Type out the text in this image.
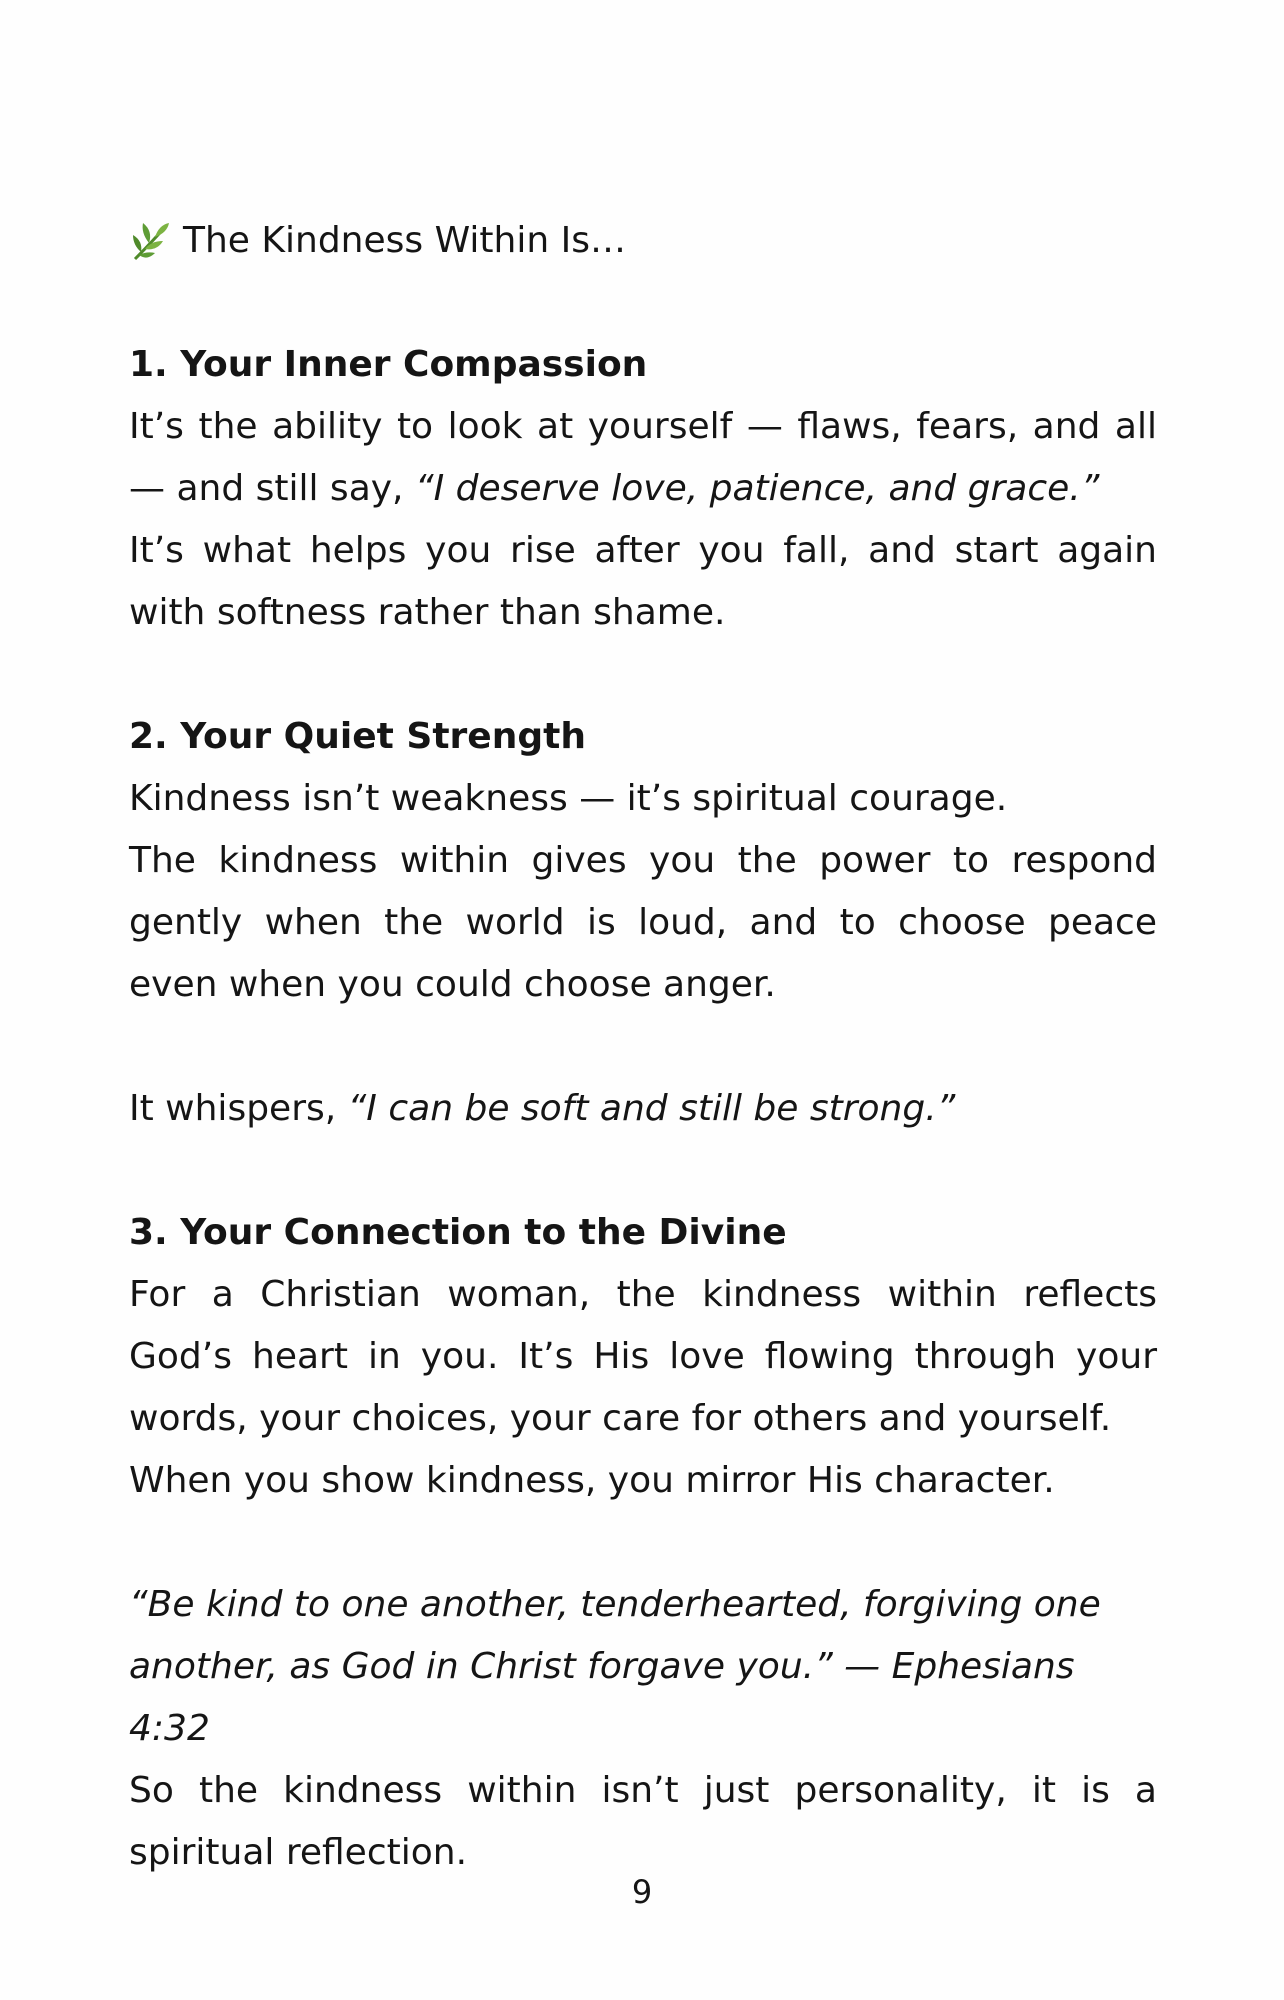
The Kindness Within Is…
1. Your Inner Compassion

It’s the ability to look at yourself — flaws, fears, and all — and still say, “I deserve love, patience, and grace.”

It’s what helps you rise after you fall, and start again with softness rather than shame.

2. Your Quiet Strength

Kindness isn’t weakness — it’s spiritual courage.

The kindness within gives you the power to respond gently when the world is loud, and to choose peace even when you could choose anger.

It whispers, “I can be soft and still be strong.”

3. Your Connection to the Divine

For a Christian woman, the kindness within reflects God’s heart in you. It’s His love flowing through your words, your choices, your care for others and yourself.

When you show kindness, you mirror His character.

“Be kind to one another, tenderhearted, forgiving one another, as God in Christ forgave you.” — Ephesians 4:32

So the kindness within isn’t just personality, it is a spiritual reflection.

9
